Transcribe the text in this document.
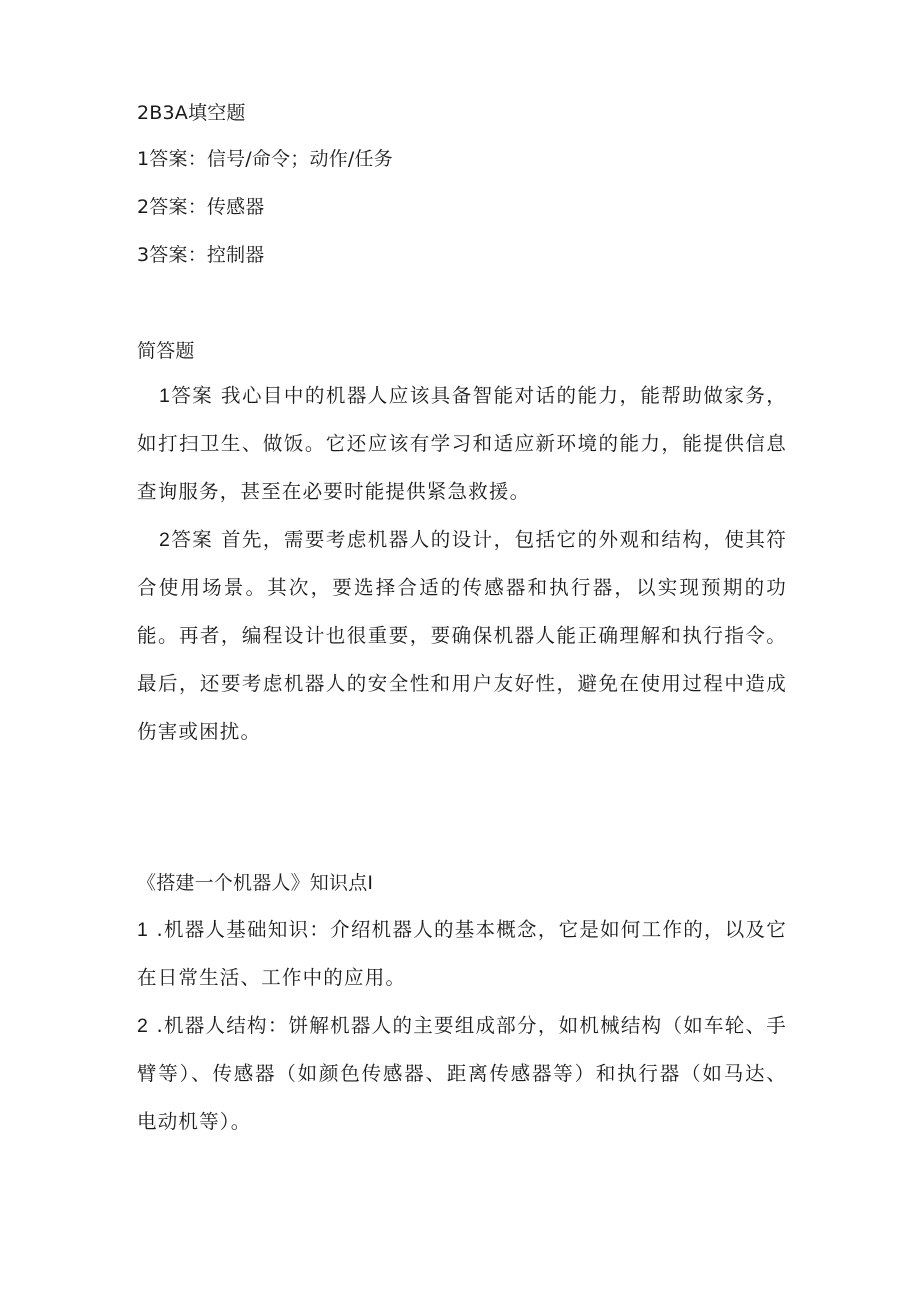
2B3A填空题
1答案：信号/命令；动作/任务
2答案：传感器
3答案：控制器
简答题
1答案 我心目中的机器人应该具备智能对话的能力，能帮助做家务，如打扫卫生、做饭。它还应该有学习和适应新环境的能力，能提供信息查询服务，甚至在必要时能提供紧急救援。
2答案 首先，需要考虑机器人的设计，包括它的外观和结构，使其符合使用场景。其次，要选择合适的传感器和执行器，以实现预期的功能。再者，编程设计也很重要，要确保机器人能正确理解和执行指令。最后，还要考虑机器人的安全性和用户友好性，避免在使用过程中造成伤害或困扰。
《搭建一个机器人》知识点I
1 .机器人基础知识：介绍机器人的基本概念，它是如何工作的，以及它在日常生活、工作中的应用。
2 .机器人结构：饼解机器人的主要组成部分，如机械结构（如车轮、手臂等）、传感器（如颜色传感器、距离传感器等）和执行器（如马达、电动机等）。
